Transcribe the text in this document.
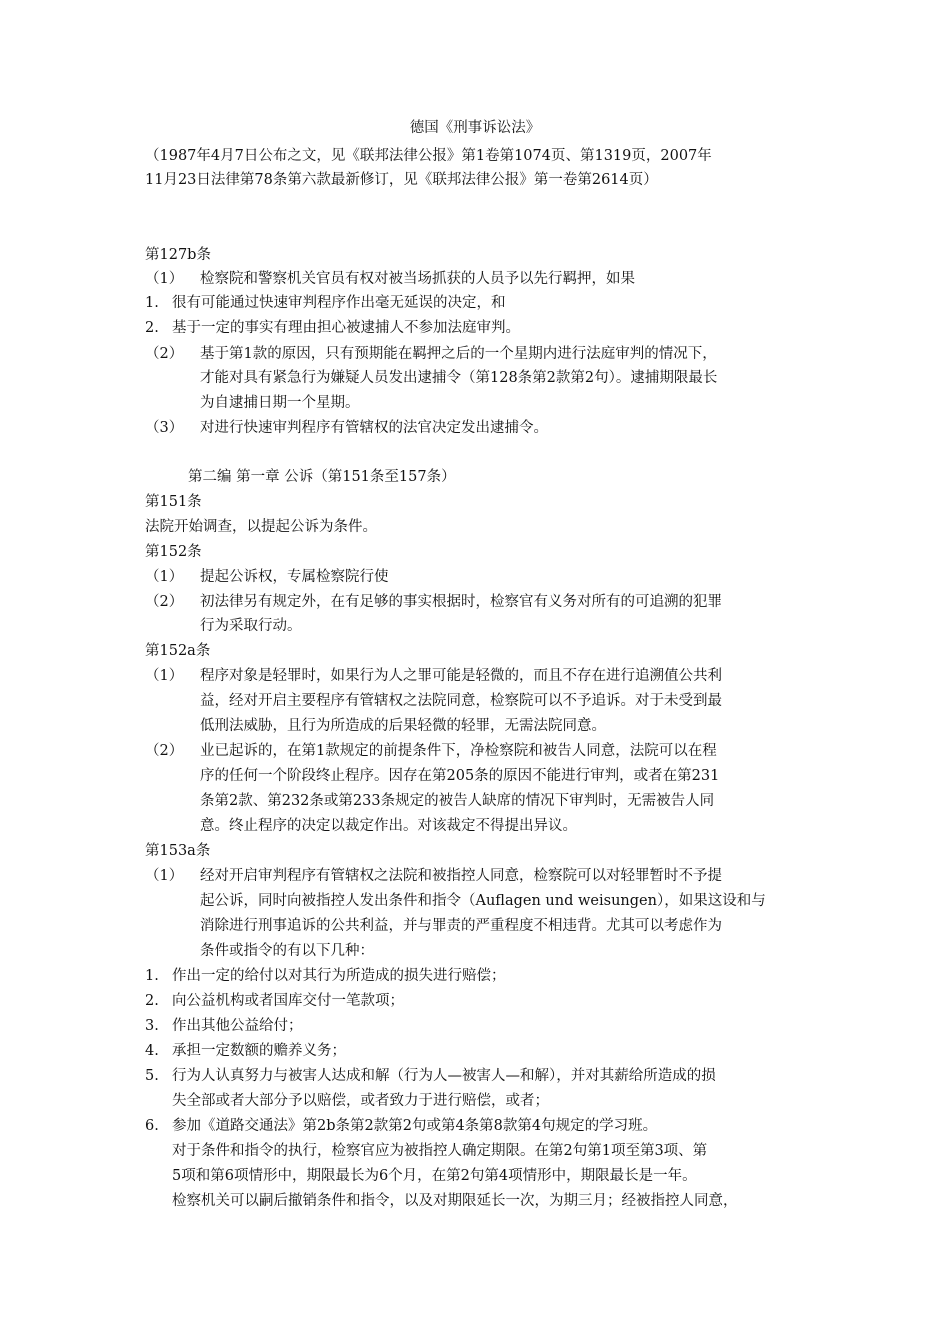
德国《刑事诉讼法》
（1987年4月7日公布之文，见《联邦法律公报》第1卷第1074页、第1319页，2007年
11月23日法律第78条第六款最新修订，见《联邦法律公报》第一卷第2614页）
第127b条
（1） 检察院和警察机关官员有权对被当场抓获的人员予以先行羁押，如果
1. 很有可能通过快速审判程序作出毫无延误的决定，和
2. 基于一定的事实有理由担心被逮捕人不参加法庭审判。
（2） 基于第1款的原因，只有预期能在羁押之后的一个星期内进行法庭审判的情况下，
才能对具有紧急行为嫌疑人员发出逮捕令（第128条第2款第2句）。逮捕期限最长
为自逮捕日期一个星期。
（3） 对进行快速审判程序有管辖权的法官决定发出逮捕令。
第二编 第一章 公诉（第151条至157条）
第151条
法院开始调查，以提起公诉为条件。
第152条
（1） 提起公诉权，专属检察院行使
（2） 初法律另有规定外，在有足够的事实根据时，检察官有义务对所有的可追溯的犯罪
行为采取行动。
第152a条
（1） 程序对象是轻罪时，如果行为人之罪可能是轻微的，而且不存在进行追溯值公共利
益，经对开启主要程序有管辖权之法院同意，检察院可以不予追诉。对于未受到最
低刑法威胁，且行为所造成的后果轻微的轻罪，无需法院同意。
（2） 业已起诉的，在第1款规定的前提条件下，净检察院和被告人同意，法院可以在程
序的任何一个阶段终止程序。因存在第205条的原因不能进行审判，或者在第231
条第2款、第232条或第233条规定的被告人缺席的情况下审判时，无需被告人同
意。终止程序的决定以裁定作出。对该裁定不得提出异议。
第153a条
（1） 经对开启审判程序有管辖权之法院和被指控人同意，检察院可以对轻罪暂时不予提
起公诉，同时向被指控人发出条件和指令（Auflagen und weisungen），如果这设和与
消除进行刑事追诉的公共利益，并与罪责的严重程度不相违背。尤其可以考虑作为
条件或指令的有以下几种：
1. 作出一定的给付以对其行为所造成的损失进行赔偿；
2. 向公益机构或者国库交付一笔款项；
3. 作出其他公益给付；
4. 承担一定数额的赡养义务；
5. 行为人认真努力与被害人达成和解（行为人—被害人—和解），并对其薪给所造成的损
失全部或者大部分予以赔偿，或者致力于进行赔偿，或者；
6. 参加《道路交通法》第2b条第2款第2句或第4条第8款第4句规定的学习班。
对于条件和指令的执行，检察官应为被指控人确定期限。在第2句第1项至第3项、第
5项和第6项情形中，期限最长为6个月，在第2句第4项情形中，期限最长是一年。
检察机关可以嗣后撤销条件和指令，以及对期限延长一次，为期三月；经被指控人同意，
